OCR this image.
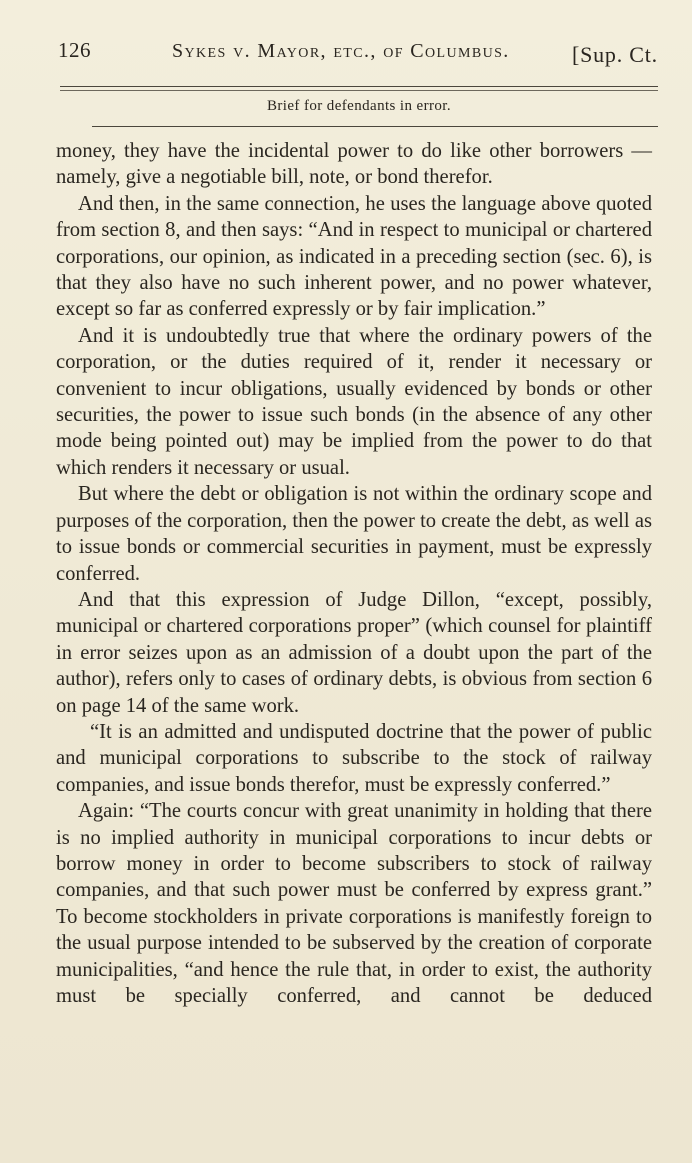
126	Sykes v. Mayor, etc., of Columbus.	[Sup. Ct.
Brief for defendants in error.

money, they have the incidental power to do like other borrowers — namely, give a negotiable bill, note, or bond therefor.

And then, in the same connection, he uses the language above quoted from section 8, and then says: “And in respect to municipal or chartered corporations, our opinion, as indicated in a preceding section (sec. 6), is that they also have no such inherent power, and no power whatever, except so far as conferred expressly or by fair implication.”

And it is undoubtedly true that where the ordinary powers of the corporation, or the duties required of it, render it necessary or convenient to incur obligations, usually evidenced by bonds or other securities, the power to issue such bonds (in the absence of any other mode being pointed out) may be implied from the power to do that which renders it necessary or usual.

But where the debt or obligation is not within the ordinary scope and purposes of the corporation, then the power to create the debt, as well as to issue bonds or commercial securities in payment, must be expressly conferred.

And that this expression of Judge Dillon, “except, possibly, municipal or chartered corporations proper” (which counsel for plaintiff in error seizes upon as an admission of a doubt upon the part of the author), refers only to cases of ordinary debts, is obvious from section 6 on page 14 of the same work.

“It is an admitted and undisputed doctrine that the power of public and municipal corporations to subscribe to the stock of railway companies, and issue bonds therefor, must be expressly conferred.”

Again: “The courts concur with great unanimity in holding that there is no implied authority in municipal corporations to incur debts or borrow money in order to become subscribers to stock of railway companies, and that such power must be conferred by express grant.” To become stockholders in private corporations is manifestly foreign to the usual purpose intended to be subserved by the creation of corporate municipalities, “and hence the rule that, in order to exist, the authority must be specially conferred, and cannot be deduced
